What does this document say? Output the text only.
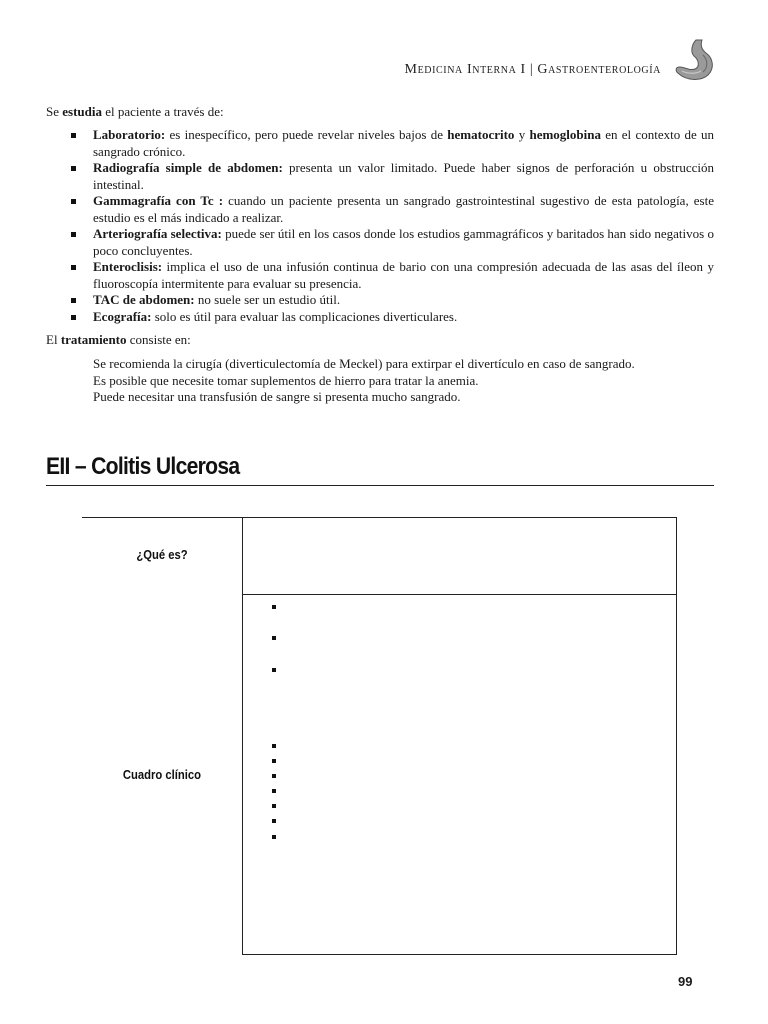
Medicina Interna I | Gastroenterología
Se estudia el paciente a través de:
Laboratorio: es inespecífico, pero puede revelar niveles bajos de hematocrito y hemoglobina en el contexto de un sangrado crónico.
Radiografía simple de abdomen: presenta un valor limitado. Puede haber signos de perforación u obstrucción intestinal.
Gammagrafía con Tc : cuando un paciente presenta un sangrado gastrointestinal sugestivo de esta patología, este estudio es el más indicado a realizar.
Arteriografía selectiva: puede ser útil en los casos donde los estudios gammagráficos y baritados han sido negativos o poco concluyentes.
Enteroclisis: implica el uso de una infusión continua de bario con una compresión adecuada de las asas del íleon y fluoroscopía intermitente para evaluar su presencia.
TAC de abdomen: no suele ser un estudio útil.
Ecografía: solo es útil para evaluar las complicaciones diverticulares.
El tratamiento consiste en:

Se recomienda la cirugía (diverticulectomía de Meckel) para extirpar el divertículo en caso de sangrado.

Es posible que necesite tomar suplementos de hierro para tratar la anemia.

Puede necesitar una transfusión de sangre si presenta mucho sangrado.

EII – Colitis Ulcerosa
¿Qué es?
Cuadro clínico
99
